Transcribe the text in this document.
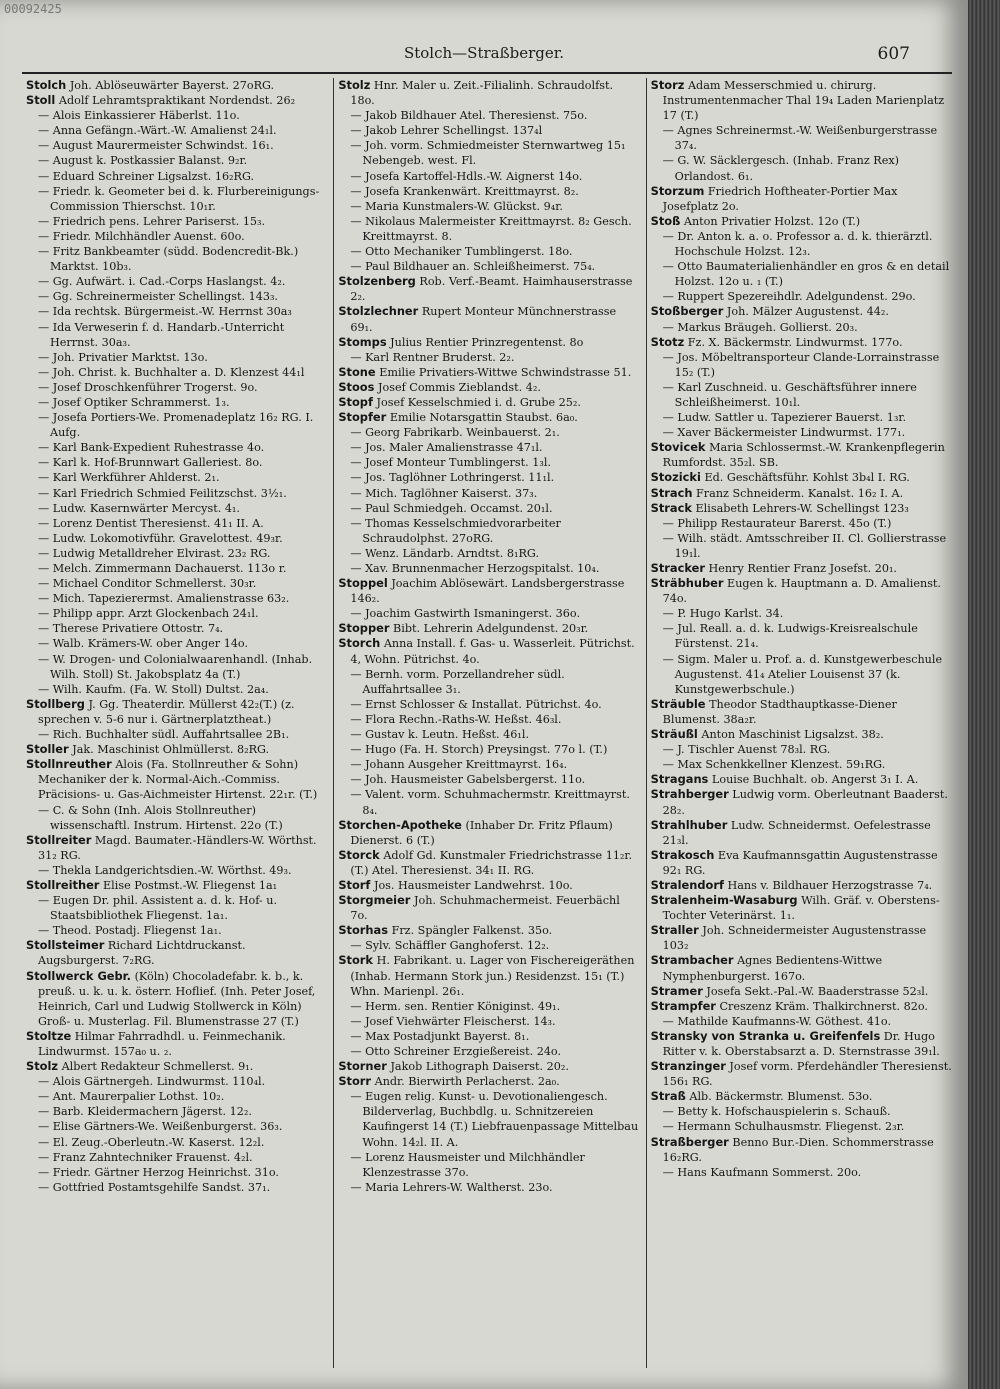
00092425
Stolch—Straßberger.	607

Stolch Joh. Ablöseuwärter Bayerst. 27oRG.

Stoll Adolf Lehramtspraktikant Nordendst. 26₂

— Alois Einkassierer Häberlst. 11o.

— Anna Gefängn.-Wärt.-W. Amalienst 24₁l.

— August Maurermeister Schwindst. 16₁.

— August k. Postkassier Balanst. 9₂r.

— Eduard Schreiner Ligsalzst. 16₂RG.

— Friedr. k. Geometer bei d. k. Flurbereinigungs-Commission Thierschst. 10₁r.

— Friedrich pens. Lehrer Pariserst. 15₃.

— Friedr. Milchhändler Auenst. 60o.

— Fritz Bankbeamter (südd. Bodencredit-Bk.) Marktst. 10b₃.

— Gg. Aufwärt. i. Cad.-Corps Haslangst. 4₂.

— Gg. Schreinermeister Schellingst. 143₃.

— Ida rechtsk. Bürgermeist.-W. Herrnst 30a₃

— Ida Verweserin f. d. Handarb.-Unterricht Herrnst. 30a₃.

— Joh. Privatier Marktst. 13o.

— Joh. Christ. k. Buchhalter a. D. Klenzest 44₁l

— Josef Droschkenführer Trogerst. 9o.

— Josef Optiker Schrammerst. 1₃.

— Josefa Portiers-We. Promenadeplatz 16₂ RG. I. Aufg.

— Karl Bank-Expedient Ruhestrasse 4o.

— Karl k. Hof-Brunnwart Galleriest. 8o.

— Karl Werkführer Ahlderst. 2₁.

— Karl Friedrich Schmied Feilitzschst. 3½₁.

— Ludw. Kasernwärter Mercyst. 4₁.

— Lorenz Dentist Theresienst. 41₁ II. A.

— Ludw. Lokomotivführ. Gravelottest. 49₃r.

— Ludwig Metalldreher Elvirast. 23₂ RG.

— Melch. Zimmermann Dachauerst. 113o r.

— Michael Conditor Schmellerst. 30₃r.

— Mich. Tapezierermst. Amalienstrasse 63₂.

— Philipp appr. Arzt Glockenbach 24₁l.

— Therese Privatiere Ottostr. 7₄.

— Walb. Krämers-W. ober Anger 14o.

— W. Drogen- und Colonialwaarenhandl. (Inhab. Wilh. Stoll) St. Jakobsplatz 4a (T.)

— Wilh. Kaufm. (Fa. W. Stoll) Dultst. 2a₄.

Stollberg J. Gg. Theaterdir. Müllerst 42₂(T.) (z. sprechen v. 5-6 nur i. Gärtnerplatztheat.)

— Rich. Buchhalter südl. Auffahrtsallee 2B₁.

Stoller Jak. Maschinist Ohlmüllerst. 8₂RG.

Stollnreuther Alois (Fa. Stollnreuther & Sohn) Mechaniker der k. Normal-Aich.-Commiss. Präcisions- u. Gas-Aichmeister Hirtenst. 22₁r. (T.)

— C. & Sohn (Inh. Alois Stollnreuther) wissenschaftl. Instrum. Hirtenst. 22o (T.)

Stollreiter Magd. Baumater.-Händlers-W. Wörthst. 31₂ RG.

— Thekla Landgerichtsdien.-W. Wörthst. 49₃.

Stollreither Elise Postmst.-W. Fliegenst 1a₁

— Eugen Dr. phil. Assistent a. d. k. Hof- u. Staatsbibliothek Fliegenst. 1a₁.

— Theod. Postadj. Fliegenst 1a₁.

Stollsteimer Richard Lichtdruckanst. Augsburgerst. 7₂RG.

Stollwerck Gebr. (Köln) Chocoladefabr. k. b., k. preuß. u. k. u. k. österr. Hoflief. (Inh. Peter Josef, Heinrich, Carl und Ludwig Stollwerck in Köln) Groß- u. Musterlag. Fil. Blumenstrasse 27 (T.)

Stoltze Hilmar Fahrradhdl. u. Feinmechanik. Lindwurmst. 157a₀ u. ₂.

Stolz Albert Redakteur Schmellerst. 9₁.

— Alois Gärtnergeh. Lindwurmst. 110₄l.

— Ant. Maurerpalier Lothst. 10₂.

— Barb. Kleidermachern Jägerst. 12₂.

— Elise Gärtners-We. Weißenburgerst. 36₃.

— El. Zeug.-Oberleutn.-W. Kaserst. 12₂l.

— Franz Zahntechniker Frauenst. 4₂l.

— Friedr. Gärtner Herzog Heinrichst. 31o.

— Gottfried Postamtsgehilfe Sandst. 37₁.

Stolz Hnr. Maler u. Zeit.-Filialinh. Schraudolfst. 18o.

— Jakob Bildhauer Atel. Theresienst. 75o.

— Jakob Lehrer Schellingst. 137₄l

— Joh. vorm. Schmiedmeister Sternwartweg 15₁ Nebengeb. west. Fl.

— Josefa Kartoffel-Hdls.-W. Aignerst 14o.

— Josefa Krankenwärt. Kreittmayrst. 8₂.

— Maria Kunstmalers-W. Glückst. 9₄r.

— Nikolaus Malermeister Kreittmayrst. 8₂ Gesch. Kreittmayrst. 8.

— Otto Mechaniker Tumblingerst. 18o.

— Paul Bildhauer an. Schleißheimerst. 75₄.

Stolzenberg Rob. Verf.-Beamt. Haimhauserstrasse 2₂.

Stolzlechner Rupert Monteur Münchnerstrasse 69₁.

Stomps Julius Rentier Prinzregentenst. 8o

— Karl Rentner Bruderst. 2₂.

Stone Emilie Privatiers-Wittwe Schwindstrasse 51.

Stoos Josef Commis Zieblandst. 4₂.

Stopf Josef Kesselschmied i. d. Grube 25₂.

Stopfer Emilie Notarsgattin Staubst. 6a₀.

— Georg Fabrikarb. Weinbauerst. 2₁.

— Jos. Maler Amalienstrasse 47₁l.

— Josef Monteur Tumblingerst. 1₃l.

— Jos. Taglöhner Lothringerst. 11₁l.

— Mich. Taglöhner Kaiserst. 37₃.

— Paul Schmiedgeh. Occamst. 20₁l.

— Thomas Kesselschmiedvorarbeiter Schraudolphst. 27oRG.

— Wenz. Ländarb. Arndtst. 8₁RG.

— Xav. Brunnenmacher Herzogspitalst. 10₄.

Stoppel Joachim Ablösewärt. Landsbergerstrasse 146₂.

— Joachim Gastwirth Ismaningerst. 36o.

Stopper Bibt. Lehrerin Adelgundenst. 20₃r.

Storch Anna Install. f. Gas- u. Wasserleit. Pütrichst. 4, Wohn. Pütrichst. 4o.

— Bernh. vorm. Porzellandreher südl. Auffahrtsallee 3₁.

— Ernst Schlosser & Installat. Pütrichst. 4o.

— Flora Rechn.-Raths-W. Heßst. 46₃l.

— Gustav k. Leutn. Heßst. 46₁l.

— Hugo (Fa. H. Storch) Preysingst. 77o l. (T.)

— Johann Ausgeher Kreittmayrst. 16₄.

— Joh. Hausmeister Gabelsbergerst. 11o.

— Valent. vorm. Schuhmachermstr. Kreittmayrst. 8₄.

Storchen-Apotheke (Inhaber Dr. Fritz Pflaum) Dienerst. 6 (T.)

Storck Adolf Gd. Kunstmaler Friedrichstrasse 11₂r. (T.) Atel. Theresienst. 34₁ II. RG.

Storf Jos. Hausmeister Landwehrst. 10o.

Storgmeier Joh. Schuhmachermeist. Feuerbächl 7o.

Storhas Frz. Spängler Falkenst. 35o.

— Sylv. Schäffler Ganghoferst. 12₂.

Stork H. Fabrikant. u. Lager von Fischereigeräthen (Inhab. Hermann Stork jun.) Residenzst. 15₁ (T.) Whn. Marienpl. 26₁.

— Herm. sen. Rentier Königinst. 49₁.

— Josef Viehwärter Fleischerst. 14₃.

— Max Postadjunkt Bayerst. 8₁.

— Otto Schreiner Erzgießereist. 24o.

Storner Jakob Lithograph Daiserst. 20₂.

Storr Andr. Bierwirth Perlacherst. 2a₀.

— Eugen relig. Kunst- u. Devotionaliengesch. Bilderverlag, Buchbdlg. u. Schnitzereien Kaufingerst 14 (T.) Liebfrauenpassage Mittelbau Wohn. 14₂l. II. A.

— Lorenz Hausmeister und Milchhändler Klenzestrasse 37o.

— Maria Lehrers-W. Waltherst. 23o.

Storz Adam Messerschmied u. chirurg. Instrumentenmacher Thal 19₄ Laden Marienplatz 17 (T.)

— Agnes Schreinermst.-W. Weißenburgerstrasse 37₄.

— G. W. Säcklergesch. (Inhab. Franz Rex) Orlandost. 6₁.

Storzum Friedrich Hoftheater-Portier Max Josefplatz 2o.

Stoß Anton Privatier Holzst. 12o (T.)

— Dr. Anton k. a. o. Professor a. d. k. thierärztl. Hochschule Holzst. 12₃.

— Otto Baumaterialienhändler en gros & en detail Holzst. 12o u. ₁ (T.)

— Ruppert Spezereihdlr. Adelgundenst. 29o.

Stoßberger Joh. Mälzer Augustenst. 44₂.

— Markus Bräugeh. Gollierst. 20₃.

Stotz Fz. X. Bäckermstr. Lindwurmst. 177o.

— Jos. Möbeltransporteur Clande-Lorrainstrasse 15₂ (T.)

— Karl Zuschneid. u. Geschäftsführer innere Schleißheimerst. 10₁l.

— Ludw. Sattler u. Tapezierer Bauerst. 1₃r.

— Xaver Bäckermeister Lindwurmst. 177₁.

Stovicek Maria Schlossermst.-W. Krankenpflegerin Rumfordst. 35₂l. SB.

Stozicki Ed. Geschäftsführ. Kohlst 3b₄l I. RG.

Strach Franz Schneiderm. Kanalst. 16₂ I. A.

Strack Elisabeth Lehrers-W. Schellingst 123₃

— Philipp Restaurateur Barerst. 45o (T.)

— Wilh. städt. Amtsschreiber II. Cl. Gollierstrasse 19₁l.

Stracker Henry Rentier Franz Josefst. 20₁.

Sträbhuber Eugen k. Hauptmann a. D. Amalienst. 74o.

— P. Hugo Karlst. 34.

— Jul. Reall. a. d. k. Ludwigs-Kreisrealschule Fürstenst. 21₄.

— Sigm. Maler u. Prof. a. d. Kunstgewerbeschule Augustenst. 41₄ Atelier Louisenst 37 (k. Kunstgewerbschule.)

Sträuble Theodor Stadthauptkasse-Diener Blumenst. 38a₂r.

Sträußl Anton Maschinist Ligsalzst. 38₂.

— J. Tischler Auenst 78₃l. RG.

— Max Schenkkellner Klenzest. 59₁RG.

Stragans Louise Buchhalt. ob. Angerst 3₁ I. A.

Strahberger Ludwig vorm. Oberleutnant Baaderst. 28₂.

Strahlhuber Ludw. Schneidermst. Oefelestrasse 21₃l.

Strakosch Eva Kaufmannsgattin Augustenstrasse 92₁ RG.

Stralendorf Hans v. Bildhauer Herzogstrasse 7₄.

Stralenheim-Wasaburg Wilh. Gräf. v. Oberstens-Tochter Veterinärst. 1₁.

Straller Joh. Schneidermeister Augustenstrasse 103₂

Strambacher Agnes Bedientens-Wittwe Nymphenburgerst. 167o.

Stramer Josefa Sekt.-Pal.-W. Baaderstrasse 52₃l.

Strampfer Creszenz Kräm. Thalkirchnerst. 82o.

— Mathilde Kaufmanns-W. Göthest. 41o.

Stransky von Stranka u. Greifenfels Dr. Hugo Ritter v. k. Oberstabsarzt a. D. Sternstrasse 39₁l.

Stranzinger Josef vorm. Pferdehändler Theresienst. 156₁ RG.

Straß Alb. Bäckermstr. Blumenst. 53o.

— Betty k. Hofschauspielerin s. Schauß.

— Hermann Schulhausmstr. Fliegenst. 2₃r.

Straßberger Benno Bur.-Dien. Schommerstrasse 16₂RG.

— Hans Kaufmann Sommerst. 20o.
